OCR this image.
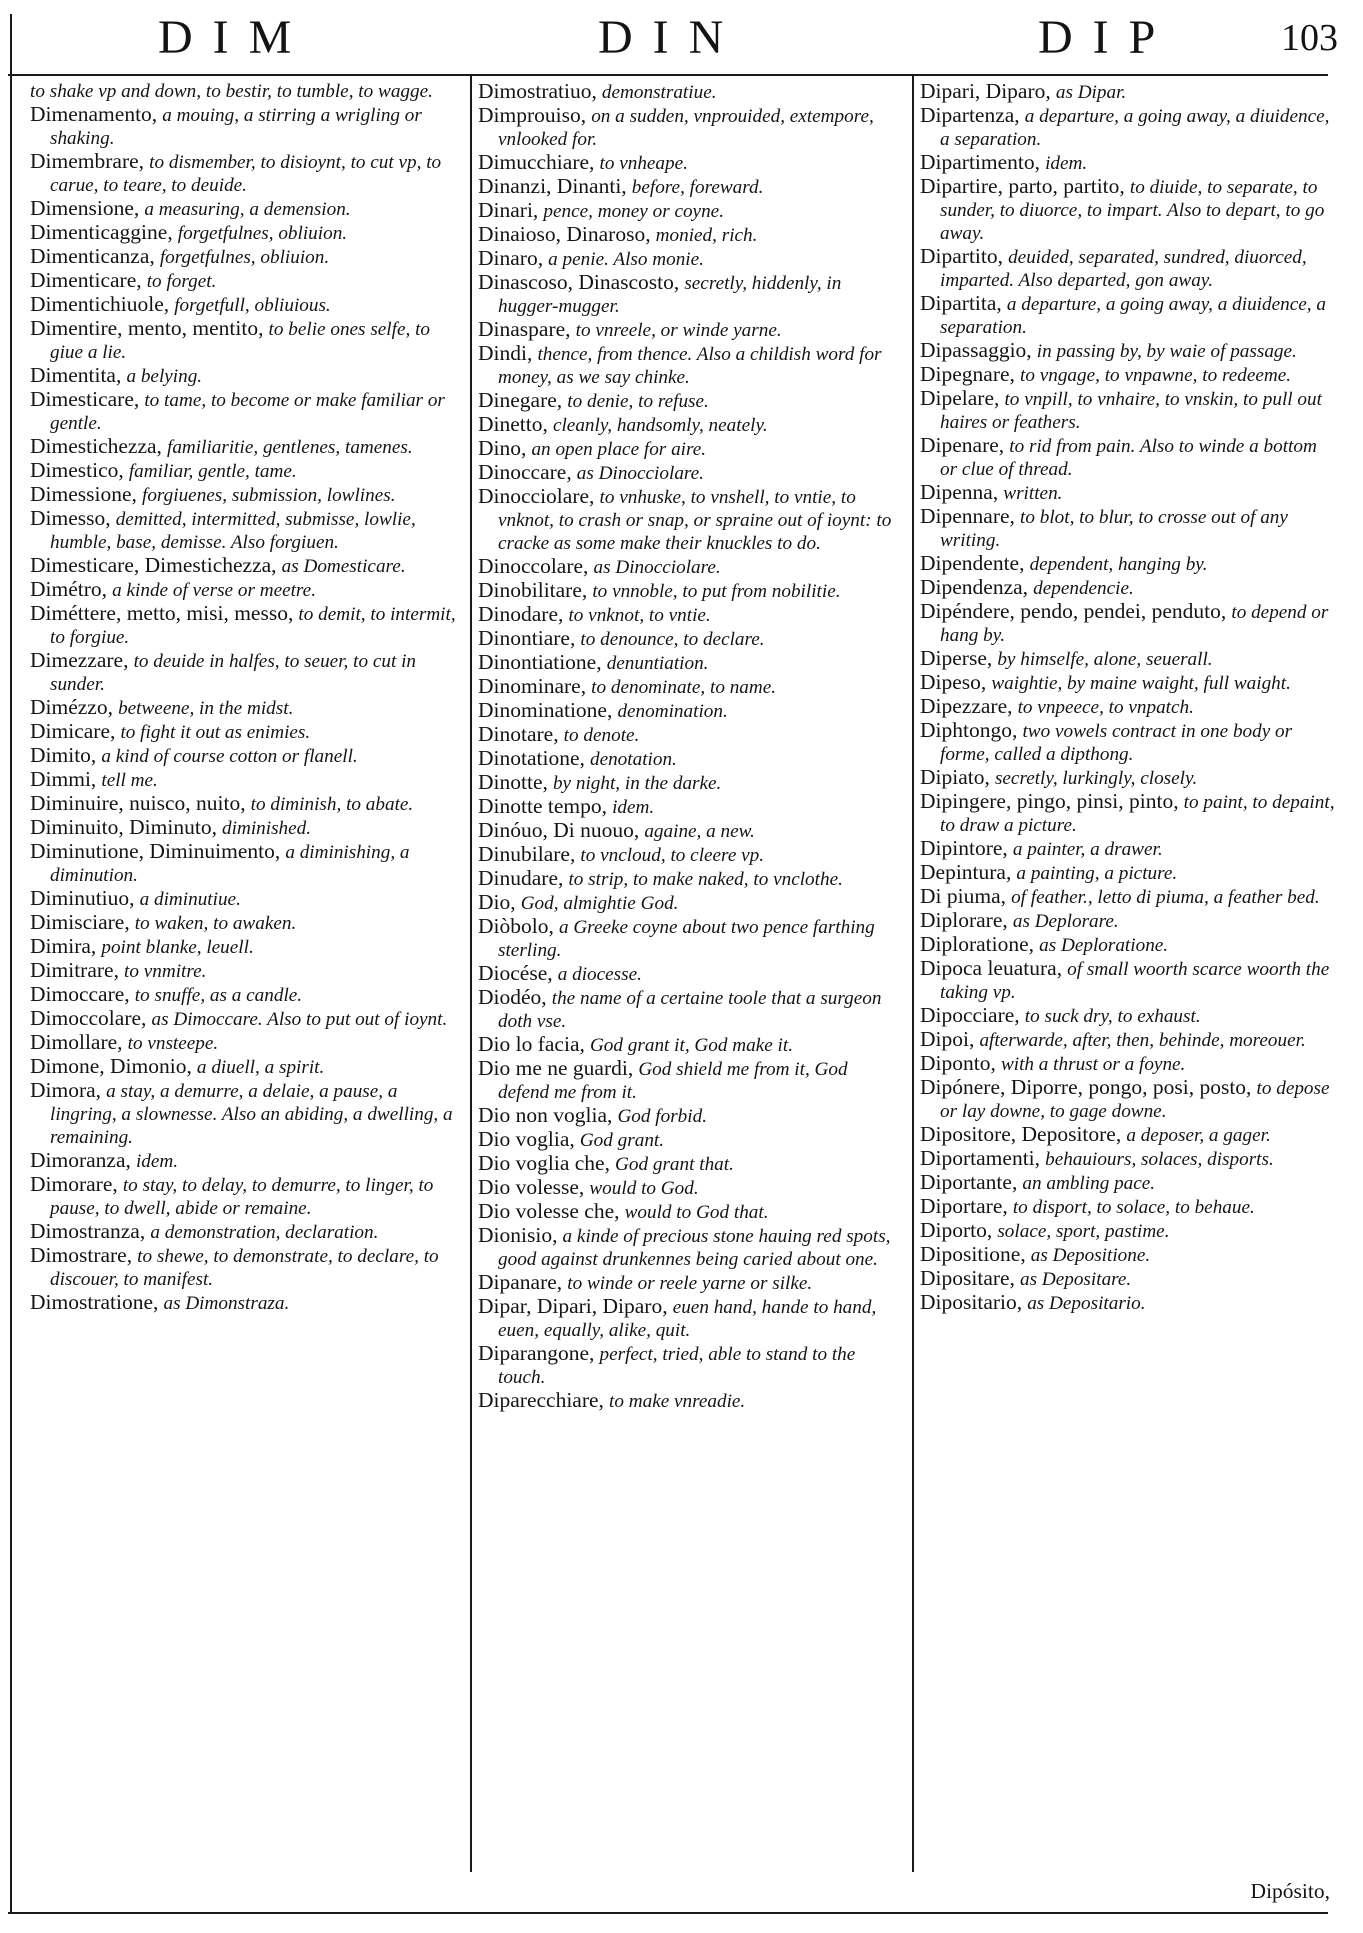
DIM	DIN	DIP	103

to shake vp and down, to bestir, to tumble, to wagge.

Dimenamento, a mouing, a stirring a wrigling or shaking.

Dimembrare, to dismember, to disioynt, to cut vp, to carue, to teare, to deuide.

Dimensione, a measuring, a demension.

Dimenticaggine, forgetfulnes, obliuion.

Dimenticanza, forgetfulnes, obliuion.

Dimenticare, to forget.

Dimentichiuole, forgetfull, obliuious.

Dimentire, mento, mentito, to belie ones selfe, to giue a lie.

Dimentita, a belying.

Dimesticare, to tame, to become or make familiar or gentle.

Dimestichezza, familiaritie, gentlenes, tamenes.

Dimestico, familiar, gentle, tame.

Dimessione, forgiuenes, submission, lowlines.

Dimesso, demitted, intermitted, submisse, lowlie, humble, base, demisse. Also forgiuen.

Dimesticare, Dimestichezza, as Domesticare.

Dimétro, a kinde of verse or meetre.

Diméttere, metto, misi, messo, to demit, to intermit, to forgiue.

Dimezzare, to deuide in halfes, to seuer, to cut in sunder.

Dimézzo, betweene, in the midst.

Dimicare, to fight it out as enimies.

Dimito, a kind of course cotton or flanell.

Dimmi, tell me.

Diminuire, nuisco, nuito, to diminish, to abate.

Diminuito, Diminuto, diminished.

Diminutione, Diminuimento, a diminishing, a diminution.

Diminutiuo, a diminutiue.

Dimisciare, to waken, to awaken.

Dimira, point blanke, leuell.

Dimitrare, to vnmitre.

Dimoccare, to snuffe, as a candle.

Dimoccolare, as Dimoccare. Also to put out of ioynt.

Dimollare, to vnsteepe.

Dimone, Dimonio, a diuell, a spirit.

Dimora, a stay, a demurre, a delaie, a pause, a lingring, a slownesse. Also an abiding, a dwelling, a remaining.

Dimoranza, idem.

Dimorare, to stay, to delay, to demurre, to linger, to pause, to dwell, abide or remaine.

Dimostranza, a demonstration, declaration.

Dimostrare, to shewe, to demonstrate, to declare, to discouer, to manifest.

Dimostratione, as Dimonstraza.

Dimostratiuo, demonstratiue.

Dimprouiso, on a sudden, vnprouided, extempore, vnlooked for.

Dimucchiare, to vnheape.

Dinanzi, Dinanti, before, foreward.

Dinari, pence, money or coyne.

Dinaioso, Dinaroso, monied, rich.

Dinaro, a penie. Also monie.

Dinascoso, Dinascosto, secretly, hiddenly, in hugger-mugger.

Dinaspare, to vnreele, or winde yarne.

Dindi, thence, from thence. Also a childish word for money, as we say chinke.

Dinegare, to denie, to refuse.

Dinetto, cleanly, handsomly, neately.

Dino, an open place for aire.

Dinoccare, as Dinocciolare.

Dinocciolare, to vnhuske, to vnshell, to vntie, to vnknot, to crash or snap, or spraine out of ioynt: to cracke as some make their knuckles to do.

Dinoccolare, as Dinocciolare.

Dinobilitare, to vnnoble, to put from nobilitie.

Dinodare, to vnknot, to vntie.

Dinontiare, to denounce, to declare.

Dinontiatione, denuntiation.

Dinominare, to denominate, to name.

Dinominatione, denomination.

Dinotare, to denote.

Dinotatione, denotation.

Dinotte, by night, in the darke.

Dinotte tempo, idem.

Dinóuo, Di nuouo, againe, a new.

Dinubilare, to vncloud, to cleere vp.

Dinudare, to strip, to make naked, to vnclothe.

Dio, God, almightie God.

Diòbolo, a Greeke coyne about two pence farthing sterling.

Diocése, a diocesse.

Diodéo, the name of a certaine toole that a surgeon doth vse.

Dio lo facia, God grant it, God make it.

Dio me ne guardi, God shield me from it, God defend me from it.

Dio non voglia, God forbid.

Dio voglia, God grant.

Dio voglia che, God grant that.

Dio volesse, would to God.

Dio volesse che, would to God that.

Dionisio, a kinde of precious stone hauing red spots, good against drunkennes being caried about one.

Dipanare, to winde or reele yarne or silke.

Dipar, Dipari, Diparo, euen hand, hande to hand, euen, equally, alike, quit.

Diparangone, perfect, tried, able to stand to the touch.

Diparecchiare, to make vnreadie.

Dipari, Diparo, as Dipar.

Dipartenza, a departure, a going away, a diuidence, a separation.

Dipartimento, idem.

Dipartire, parto, partito, to diuide, to separate, to sunder, to diuorce, to impart. Also to depart, to go away.

Dipartito, deuided, separated, sundred, diuorced, imparted. Also departed, gon away.

Dipartita, a departure, a going away, a diuidence, a separation.

Dipassaggio, in passing by, by waie of passage.

Dipegnare, to vngage, to vnpawne, to redeeme.

Dipelare, to vnpill, to vnhaire, to vnskin, to pull out haires or feathers.

Dipenare, to rid from pain. Also to winde a bottom or clue of thread.

Dipenna, written.

Dipennare, to blot, to blur, to crosse out of any writing.

Dipendente, dependent, hanging by.

Dipendenza, dependencie.

Dipéndere, pendo, pendei, penduto, to depend or hang by.

Diperse, by himselfe, alone, seuerall.

Dipeso, waightie, by maine waight, full waight.

Dipezzare, to vnpeece, to vnpatch.

Diphtongo, two vowels contract in one body or forme, called a dipthong.

Dipiato, secretly, lurkingly, closely.

Dipingere, pingo, pinsi, pinto, to paint, to depaint, to draw a picture.

Dipintore, a painter, a drawer.

Depintura, a painting, a picture.

Di piuma, of feather., letto di piuma, a feather bed.

Diplorare, as Deplorare.

Diploratione, as Deploratione.

Dipoca leuatura, of small woorth scarce woorth the taking vp.

Dipocciare, to suck dry, to exhaust.

Dipoi, afterwarde, after, then, behinde, moreouer.

Diponto, with a thrust or a foyne.

Dipónere, Diporre, pongo, posi, posto, to depose or lay downe, to gage downe.

Dipositore, Depositore, a deposer, a gager.

Diportamenti, behauiours, solaces, disports.

Diportante, an ambling pace.

Diportare, to disport, to solace, to behaue.

Diporto, solace, sport, pastime.

Dipositione, as Depositione.

Dipositare, as Depositare.

Dipositario, as Depositario.

Dipósito,
